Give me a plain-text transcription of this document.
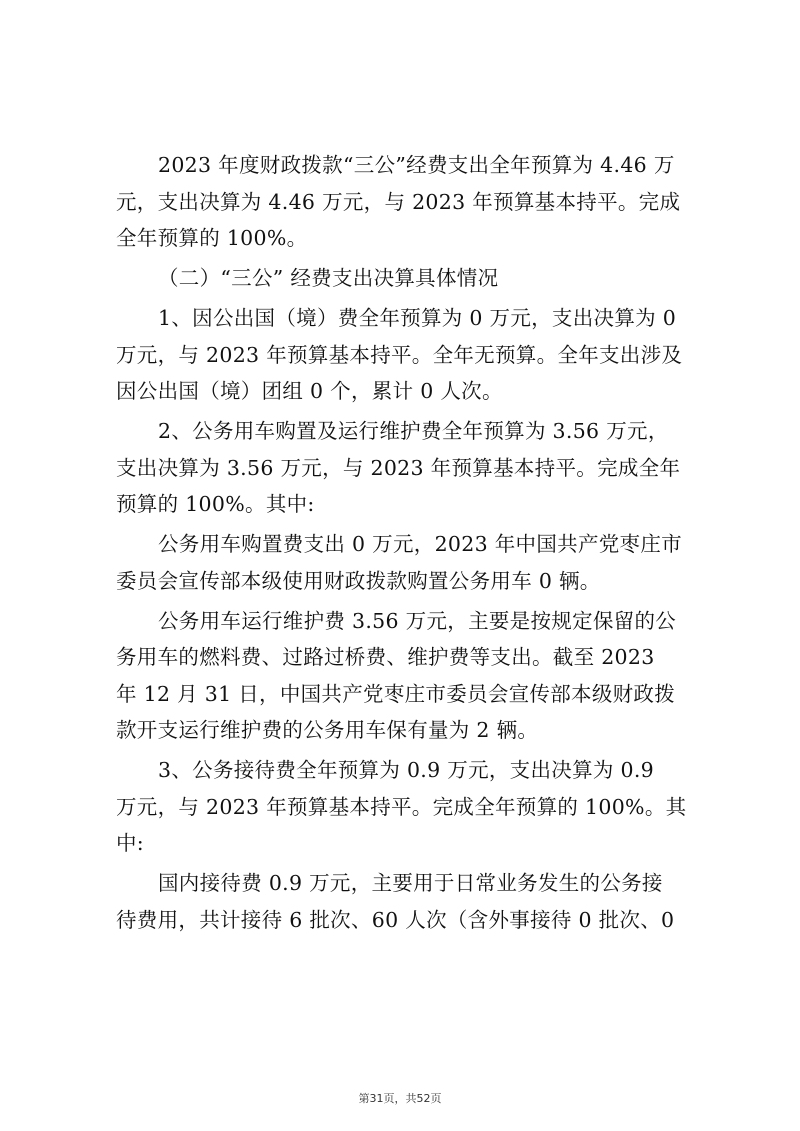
2023 年度财政拨款“三公”经费支出全年预算为 4.46 万
元，支出决算为 4.46 万元，与 2023 年预算基本持平。完成
全年预算的 100%。

（二）“三公” 经费支出决算具体情况

1、因公出国（境）费全年预算为 0 万元，支出决算为 0
万元，与 2023 年预算基本持平。全年无预算。全年支出涉及
因公出国（境）团组 0 个，累计 0 人次。

2、公务用车购置及运行维护费全年预算为 3.56 万元，
支出决算为 3.56 万元，与 2023 年预算基本持平。完成全年
预算的 100%。其中:

公务用车购置费支出 0 万元，2023 年中国共产党枣庄市
委员会宣传部本级使用财政拨款购置公务用车 0 辆。

公务用车运行维护费 3.56 万元，主要是按规定保留的公
务用车的燃料费、过路过桥费、维护费等支出。截至 2023
年 12 月 31 日，中国共产党枣庄市委员会宣传部本级财政拨
款开支运行维护费的公务用车保有量为 2 辆。

3、公务接待费全年预算为 0.9 万元，支出决算为 0.9
万元，与 2023 年预算基本持平。完成全年预算的 100%。其
中:

国内接待费 0.9 万元，主要用于日常业务发生的公务接
待费用，共计接待 6 批次、60 人次（含外事接待 0 批次、0

第31页，共52页
